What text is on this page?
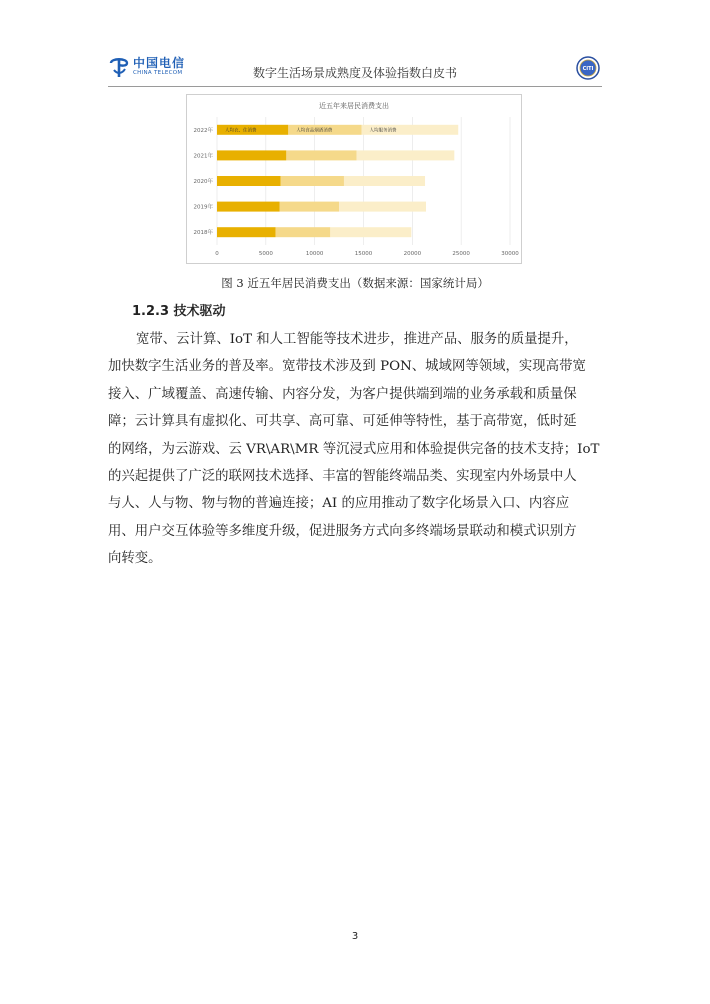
中国电信
CHINA TELECOM	数字生活场景成熟度及体验指数白皮书	CITI
近五年来居民消费支出
2022年
2021年
2020年
2019年
2018年
0	5000	10000	15000	20000	25000	30000
人均衣、住消费	人均食品烟酒消费	人均服务消费
图 3 近五年居民消费支出（数据来源：国家统计局）
1.2.3 技术驱动
宽带、云计算、IoT 和人工智能等技术进步，推进产品、服务的质量提升，
加快数字生活业务的普及率。宽带技术涉及到 PON、城域网等领域，实现高带宽
接入、广域覆盖、高速传输、内容分发，为客户提供端到端的业务承载和质量保
障；云计算具有虚拟化、可共享、高可靠、可延伸等特性，基于高带宽，低时延
的网络，为云游戏、云 VR\AR\MR 等沉浸式应用和体验提供完备的技术支持；IoT
的兴起提供了广泛的联网技术选择、丰富的智能终端品类、实现室内外场景中人
与人、人与物、物与物的普遍连接；AI 的应用推动了数字化场景入口、内容应
用、用户交互体验等多维度升级，促进服务方式向多终端场景联动和模式识别方
向转变。
3
